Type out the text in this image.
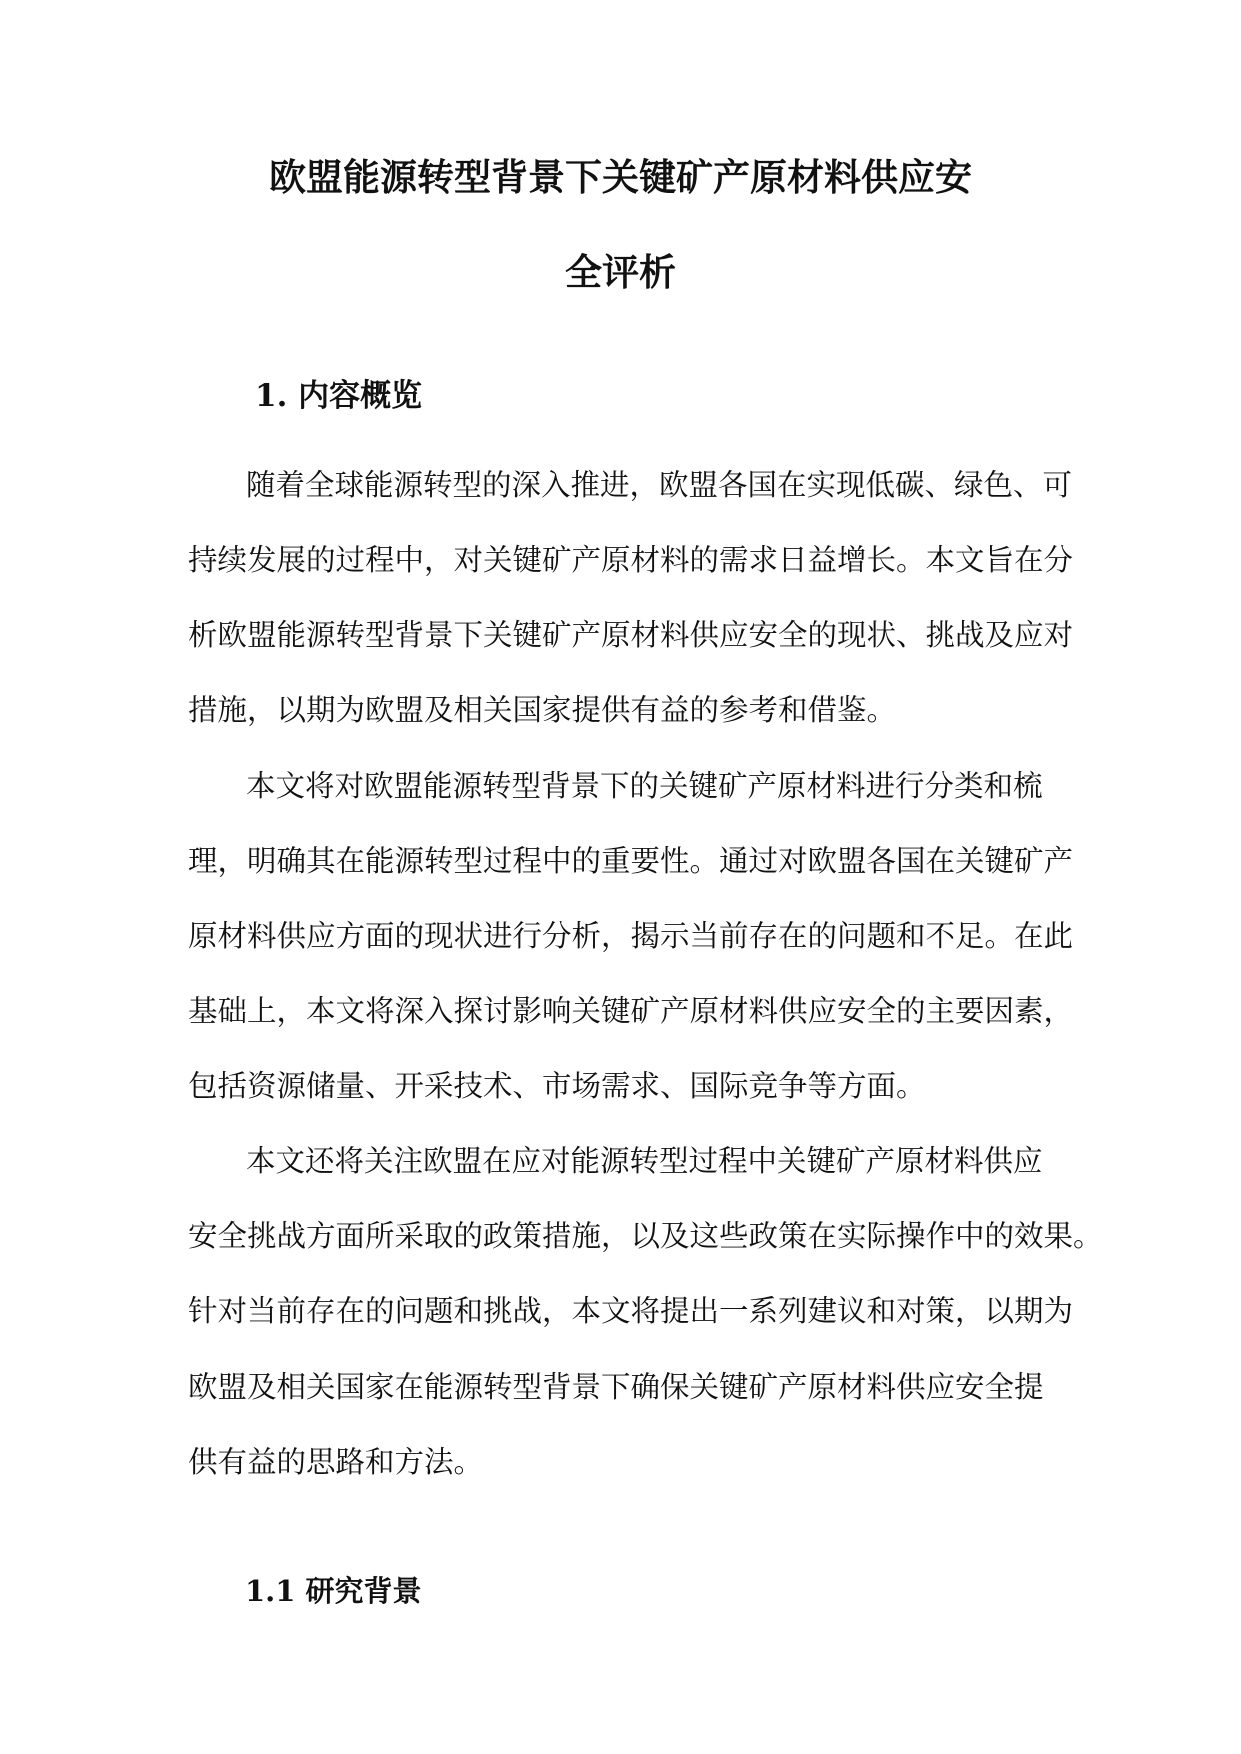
欧盟能源转型背景下关键矿产原材料供应安
全评析
1. 内容概览
随着全球能源转型的深入推进，欧盟各国在实现低碳、绿色、可
持续发展的过程中，对关键矿产原材料的需求日益增长。本文旨在分
析欧盟能源转型背景下关键矿产原材料供应安全的现状、挑战及应对
措施，以期为欧盟及相关国家提供有益的参考和借鉴。
本文将对欧盟能源转型背景下的关键矿产原材料进行分类和梳
理，明确其在能源转型过程中的重要性。通过对欧盟各国在关键矿产
原材料供应方面的现状进行分析，揭示当前存在的问题和不足。在此
基础上，本文将深入探讨影响关键矿产原材料供应安全的主要因素，
包括资源储量、开采技术、市场需求、国际竞争等方面。
本文还将关注欧盟在应对能源转型过程中关键矿产原材料供应
安全挑战方面所采取的政策措施，以及这些政策在实际操作中的效果。
针对当前存在的问题和挑战，本文将提出一系列建议和对策，以期为
欧盟及相关国家在能源转型背景下确保关键矿产原材料供应安全提
供有益的思路和方法。
1.1 研究背景
